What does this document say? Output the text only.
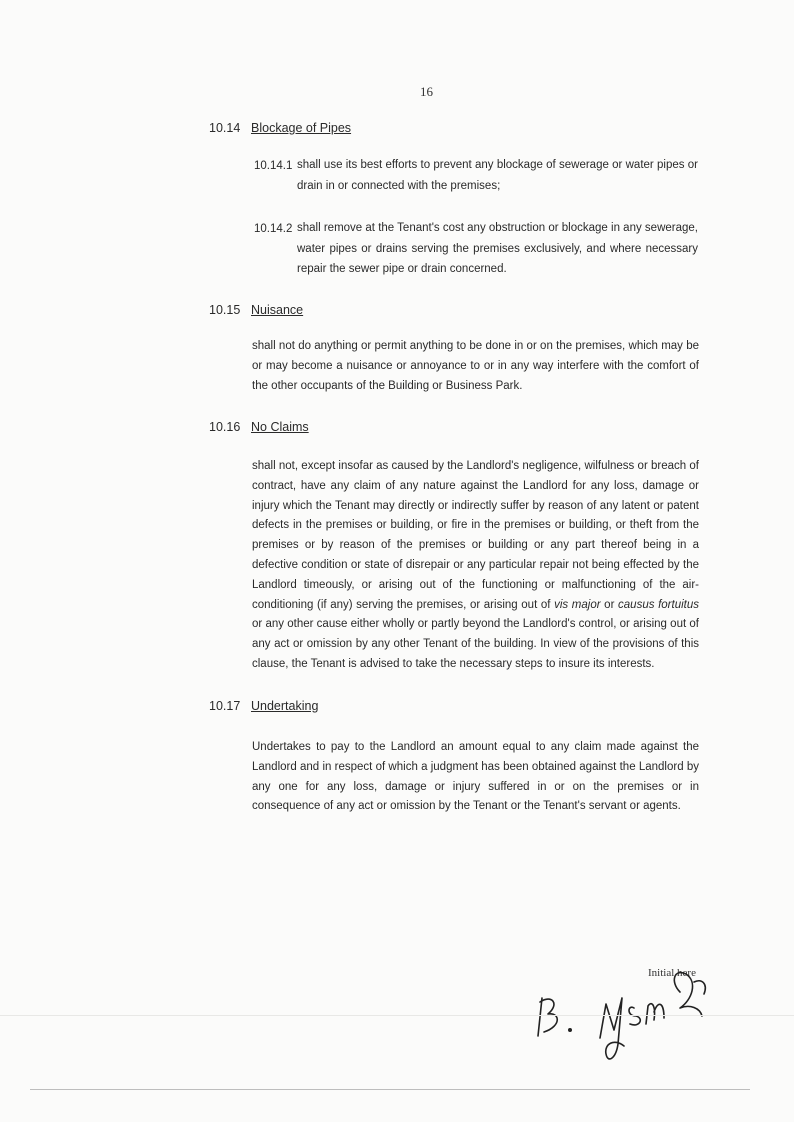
16
10.14 Blockage of Pipes
10.14.1 shall use its best efforts to prevent any blockage of sewerage or water pipes or drain in or connected with the premises;

10.14.2 shall remove at the Tenant's cost any obstruction or blockage in any sewerage, water pipes or drains serving the premises exclusively, and where necessary repair the sewer pipe or drain concerned.

10.15 Nuisance

shall not do anything or permit anything to be done in or on the premises, which may be or may become a nuisance or annoyance to or in any way interfere with the comfort of the other occupants of the Building or Business Park.

10.16 No Claims

shall not, except insofar as caused by the Landlord's negligence, wilfulness or breach of contract, have any claim of any nature against the Landlord for any loss, damage or injury which the Tenant may directly or indirectly suffer by reason of any latent or patent defects in the premises or building, or fire in the premises or building, or theft from the premises or by reason of the premises or building or any part thereof being in a defective condition or state of disrepair or any particular repair not being effected by the Landlord timeously, or arising out of the functioning or malfunctioning of the air-conditioning (if any) serving the premises, or arising out of vis major or causus fortuitus or any other cause either wholly or partly beyond the Landlord's control, or arising out of any act or omission by any other Tenant of the building. In view of the provisions of this clause, the Tenant is advised to take the necessary steps to insure its interests.

10.17 Undertaking

Undertakes to pay to the Landlord an amount equal to any claim made against the Landlord and in respect of which a judgment has been obtained against the Landlord by any one for any loss, damage or injury suffered in or on the premises or in consequence of any act or omission by the Tenant or the Tenant's servant or agents.

Initial here
